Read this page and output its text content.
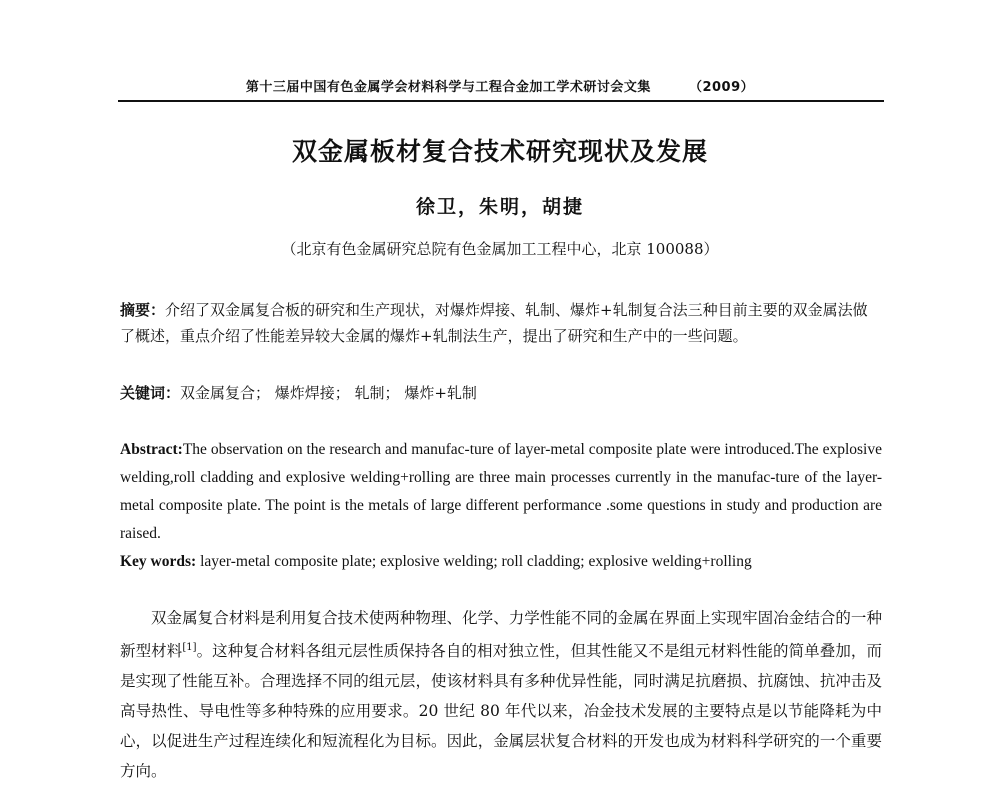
第十三届中国有色金属学会材料科学与工程合金加工学术研讨会文集	（2009）
双金属板材复合技术研究现状及发展
徐卫，朱明，胡捷
（北京有色金属研究总院有色金属加工工程中心，北京 100088）
摘要：介绍了双金属复合板的研究和生产现状，对爆炸焊接、轧制、爆炸+轧制复合法三种目前主要的双金属法做了概述，重点介绍了性能差异较大金属的爆炸+轧制法生产，提出了研究和生产中的一些问题。
关键词：双金属复合； 爆炸焊接； 轧制； 爆炸+轧制
Abstract:The observation on the research and manufac-ture of layer-metal composite plate were introduced.The explosive welding,roll cladding and explosive welding+rolling are three main processes currently in the manufac-ture of the layer-metal composite plate. The point is the metals of large different performance .some questions in study and production are raised.
Key words: layer-metal composite plate; explosive welding; roll cladding; explosive welding+rolling
双金属复合材料是利用复合技术使两种物理、化学、力学性能不同的金属在界面上实现牢固冶金结合的一种新型材料[1]。这种复合材料各组元层性质保持各自的相对独立性，但其性能又不是组元材料性能的简单叠加，而是实现了性能互补。合理选择不同的组元层，使该材料具有多种优异性能，同时满足抗磨损、抗腐蚀、抗冲击及高导热性、导电性等多种特殊的应用要求。20 世纪 80 年代以来，冶金技术发展的主要特点是以节能降耗为中心，以促进生产过程连续化和短流程化为目标。因此，金属层状复合材料的开发也成为材料科学研究的一个重要方向。
